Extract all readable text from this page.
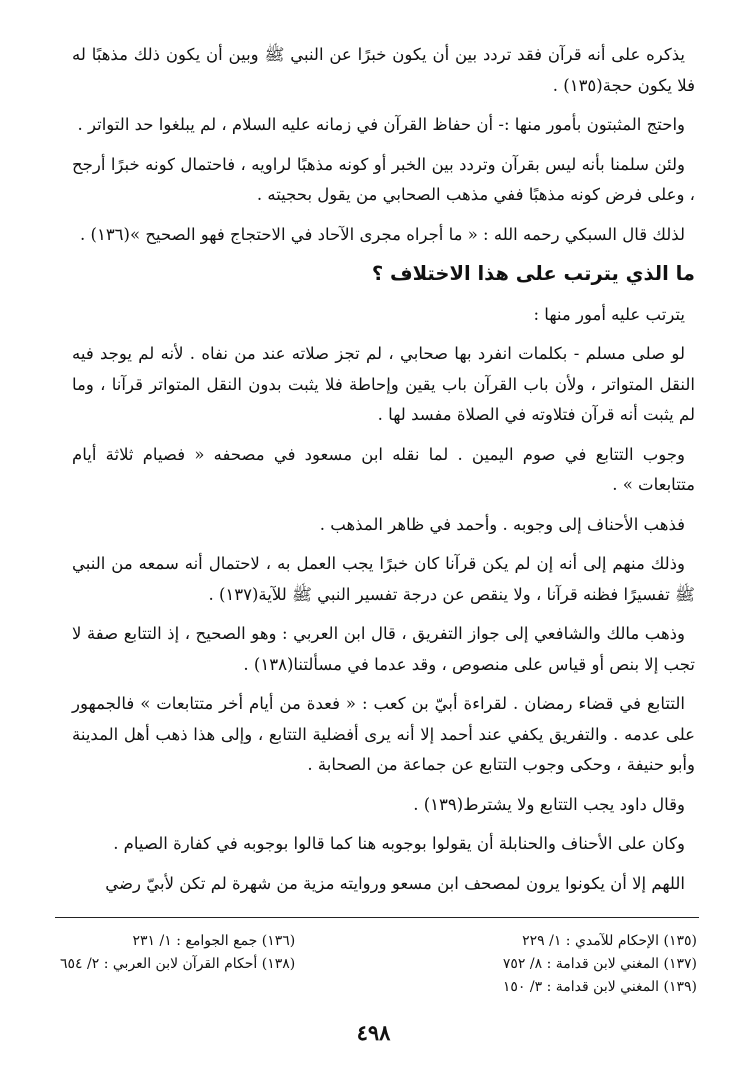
يذكره على أنه قرآن فقد تردد بين أن يكون خبرًا عن النبي ﷺ وبين أن يكون ذلك مذهبًا له فلا يكون حجة(١٣٥) .

واحتج المثبتون بأمور منها :- أن حفاظ القرآن في زمانه عليه السلام ، لم يبلغوا حد التواتر .

ولئن سلمنا بأنه ليس بقرآن وتردد بين الخبر أو كونه مذهبًا لراويه ، فاحتمال كونه خبرًا أرجح ، وعلى فرض كونه مذهبًا ففي مذهب الصحابي من يقول بحجيته .

لذلك قال السبكي رحمه الله : « ما أجراه مجرى الآحاد في الاحتجاج فهو الصحيح »(١٣٦) .

ما الذي يترتب على هذا الاختلاف ؟

يترتب عليه أمور منها :

لو صلى مسلم - بكلمات انفرد بها صحابي ، لم تجز صلاته عند من نفاه . لأنه لم يوجد فيه النقل المتواتر ، ولأن باب القرآن باب يقين وإحاطة فلا يثبت بدون النقل المتواتر قرآنا ، وما لم يثبت أنه قرآن فتلاوته في الصلاة مفسد لها .

وجوب التتابع في صوم اليمين . لما نقله ابن مسعود في مصحفه « فصيام ثلاثة أيام متتابعات » .

فذهب الأحناف إلى وجوبه . وأحمد في ظاهر المذهب .

وذلك منهم إلى أنه إن لم يكن قرآنا كان خبرًا يجب العمل به ، لاحتمال أنه سمعه من النبي ﷺ تفسيرًا فظنه قرآنا ، ولا ينقص عن درجة تفسير النبي ﷺ للآية(١٣٧) .

وذهب مالك والشافعي إلى جواز التفريق ، قال ابن العربي : وهو الصحيح ، إذ التتابع صفة لا تجب إلا بنص أو قياس على منصوص ، وقد عدما في مسألتنا(١٣٨) .

التتابع في قضاء رمضان . لقراءة أبيّ بن كعب : « فعدة من أيام أخر متتابعات » فالجمهور على عدمه . والتفريق يكفي عند أحمد إلا أنه يرى أفضلية التتابع ، وإلى هذا ذهب أهل المدينة وأبو حنيفة ، وحكى وجوب التتابع عن جماعة من الصحابة .

وقال داود يجب التتابع ولا يشترط(١٣٩) .

وكان على الأحناف والحنابلة أن يقولوا بوجوبه هنا كما قالوا بوجوبه في كفارة الصيام .

اللهم إلا أن يكونوا يرون لمصحف ابن مسعو وروايته مزية من شهرة لم تكن لأبيّ رضي

(١٣٥) الإحكام للآمدي : ١/ ٢٢٩
(١٣٧) المغني لابن قدامة : ٨/ ٧٥٢
(١٣٩) المغني لابن قدامة : ٣/ ١٥٠
(١٣٦) جمع الجوامع : ١/ ٢٣١
(١٣٨) أحكام القرآن لابن العربي : ٢/ ٦٥٤
٤٩٨
